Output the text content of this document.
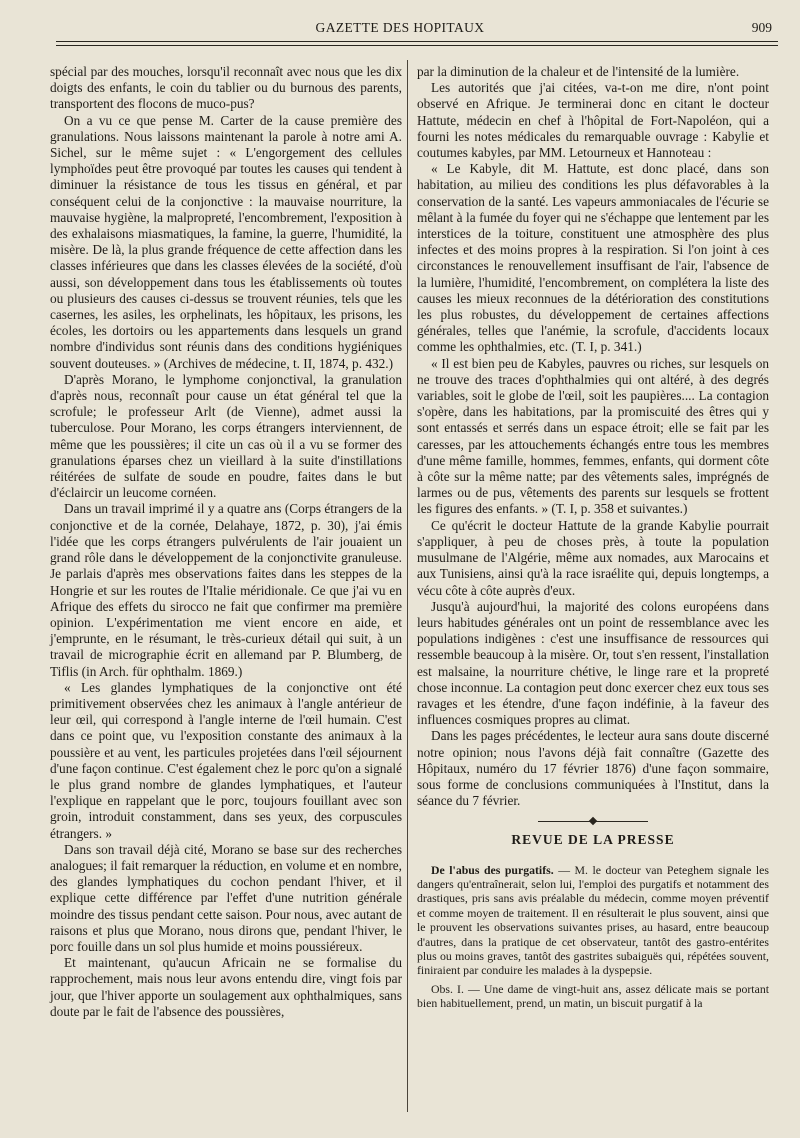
GAZETTE DES HOPITAUX	909

spécial par des mouches, lorsqu'il reconnaît avec nous que les dix doigts des enfants, le coin du tablier ou du burnous des parents, transportent des flocons de muco-pus?

On a vu ce que pense M. Carter de la cause première des granulations. Nous laissons maintenant la parole à notre ami A. Sichel, sur le même sujet : « L'engorgement des cellules lymphoïdes peut être provoqué par toutes les causes qui tendent à diminuer la résistance de tous les tissus en général, et par conséquent celui de la conjonctive : la mauvaise nourriture, la mauvaise hygiène, la malpropreté, l'encombrement, l'exposition à des exhalaisons miasmatiques, la famine, la guerre, l'humidité, la misère. De là, la plus grande fréquence de cette affection dans les classes inférieures que dans les classes élevées de la société, d'où aussi, son développement dans tous les établissements où toutes ou plusieurs des causes ci-dessus se trouvent réunies, tels que les casernes, les asiles, les orphelinats, les hôpitaux, les prisons, les écoles, les dortoirs ou les appartements dans lesquels un grand nombre d'individus sont réunis dans des conditions hygiéniques souvent douteuses. » (Archives de médecine, t. II, 1874, p. 432.)

D'après Morano, le lymphome conjonctival, la granulation d'après nous, reconnaît pour cause un état général tel que la scrofule; le professeur Arlt (de Vienne), admet aussi la tuberculose. Pour Morano, les corps étrangers interviennent, de même que les poussières; il cite un cas où il a vu se former des granulations éparses chez un vieillard à la suite d'instillations réitérées de sulfate de soude en poudre, faites dans le but d'éclaircir un leucome cornéen.

Dans un travail imprimé il y a quatre ans (Corps étrangers de la conjonctive et de la cornée, Delahaye, 1872, p. 30), j'ai émis l'idée que les corps étrangers pulvérulents de l'air jouaient un grand rôle dans le développement de la conjonctivite granuleuse. Je parlais d'après mes observations faites dans les steppes de la Hongrie et sur les routes de l'Italie méridionale. Ce que j'ai vu en Afrique des effets du sirocco ne fait que confirmer ma première opinion. L'expérimentation me vient encore en aide, et j'emprunte, en le résumant, le très-curieux détail qui suit, à un travail de micrographie écrit en allemand par P. Blumberg, de Tiflis (in Arch. für ophthalm. 1869.)

« Les glandes lymphatiques de la conjonctive ont été primitivement observées chez les animaux à l'angle antérieur de leur œil, qui correspond à l'angle interne de l'œil humain. C'est dans ce point que, vu l'exposition constante des animaux à la poussière et au vent, les particules projetées dans l'œil séjournent d'une façon continue. C'est également chez le porc qu'on a signalé le plus grand nombre de glandes lymphatiques, et l'auteur l'explique en rappelant que le porc, toujours fouillant avec son groin, introduit constamment, dans ses yeux, des corpuscules étrangers. »

Dans son travail déjà cité, Morano se base sur des recherches analogues; il fait remarquer la réduction, en volume et en nombre, des glandes lymphatiques du cochon pendant l'hiver, et il explique cette différence par l'effet d'une nutrition générale moindre des tissus pendant cette saison. Pour nous, avec autant de raisons et plus que Morano, nous dirons que, pendant l'hiver, le porc fouille dans un sol plus humide et moins poussiéreux.

Et maintenant, qu'aucun Africain ne se formalise du rapprochement, mais nous leur avons entendu dire, vingt fois par jour, que l'hiver apporte un soulagement aux ophthalmiques, sans doute par le fait de l'absence des poussières,

par la diminution de la chaleur et de l'intensité de la lumière.

Les autorités que j'ai citées, va-t-on me dire, n'ont point observé en Afrique. Je terminerai donc en citant le docteur Hattute, médecin en chef à l'hôpital de Fort-Napoléon, qui a fourni les notes médicales du remarquable ouvrage : Kabylie et coutumes kabyles, par MM. Letourneux et Hannoteau :

« Le Kabyle, dit M. Hattute, est donc placé, dans son habitation, au milieu des conditions les plus défavorables à la conservation de la santé. Les vapeurs ammoniacales de l'écurie se mêlant à la fumée du foyer qui ne s'échappe que lentement par les interstices de la toiture, constituent une atmosphère des plus infectes et des moins propres à la respiration. Si l'on joint à ces circonstances le renouvellement insuffisant de l'air, l'absence de la lumière, l'humidité, l'encombrement, on complétera la liste des causes les mieux reconnues de la détérioration des constitutions les plus robustes, du développement de certaines affections générales, telles que l'anémie, la scrofule, d'accidents locaux comme les ophthalmies, etc. (T. I, p. 341.)

« Il est bien peu de Kabyles, pauvres ou riches, sur lesquels on ne trouve des traces d'ophthalmies qui ont altéré, à des degrés variables, soit le globe de l'œil, soit les paupières.... La contagion s'opère, dans les habitations, par la promiscuité des êtres qui y sont entassés et serrés dans un espace étroit; elle se fait par les caresses, par les attouchements échangés entre tous les membres d'une même famille, hommes, femmes, enfants, qui dorment côte à côte sur la même natte; par des vêtements sales, imprégnés de larmes ou de pus, vêtements des parents sur lesquels se frottent les figures des enfants. » (T. I, p. 358 et suivantes.)

Ce qu'écrit le docteur Hattute de la grande Kabylie pourrait s'appliquer, à peu de choses près, à toute la population musulmane de l'Algérie, même aux nomades, aux Marocains et aux Tunisiens, ainsi qu'à la race israélite qui, depuis longtemps, a vécu côte à côte auprès d'eux.

Jusqu'à aujourd'hui, la majorité des colons européens dans leurs habitudes générales ont un point de ressemblance avec les populations indigènes : c'est une insuffisance de ressources qui ressemble beaucoup à la misère. Or, tout s'en ressent, l'installation est malsaine, la nourriture chétive, le linge rare et la propreté chose inconnue. La contagion peut donc exercer chez eux tous ses ravages et les étendre, d'une façon indéfinie, à la faveur des influences cosmiques propres au climat.

Dans les pages précédentes, le lecteur aura sans doute discerné notre opinion; nous l'avons déjà fait connaître (Gazette des Hôpitaux, numéro du 17 février 1876) d'une façon sommaire, sous forme de conclusions communiquées à l'Institut, dans la séance du 7 février.

REVUE DE LA PRESSE

De l'abus des purgatifs. — M. le docteur van Peteghem signale les dangers qu'entraînerait, selon lui, l'emploi des purgatifs et notamment des drastiques, pris sans avis préalable du médecin, comme moyen préventif et comme moyen de traitement. Il en résulterait le plus souvent, ainsi que le prouvent les observations suivantes prises, au hasard, entre beaucoup d'autres, dans la pratique de cet observateur, tantôt des gastro-entérites plus ou moins graves, tantôt des gastrites subaiguës qui, répétées souvent, finiraient par conduire les malades à la dyspepsie.

Obs. I. — Une dame de vingt-huit ans, assez délicate mais se portant bien habituellement, prend, un matin, un biscuit purgatif à la
